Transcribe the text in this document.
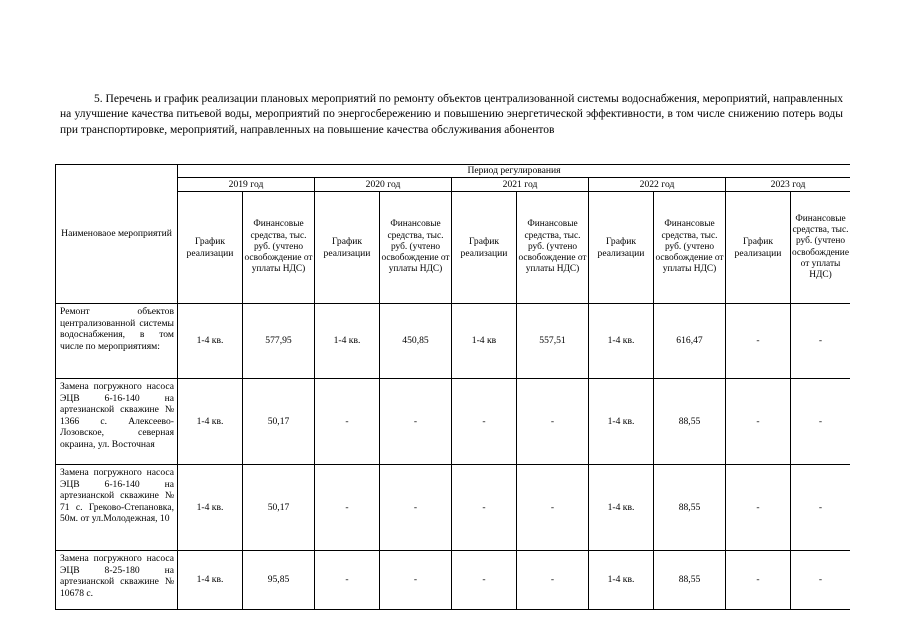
5. Перечень и график реализации плановых мероприятий по ремонту объектов централизованной системы водоснабжения, мероприятий, направленных на улучшение качества питьевой воды, мероприятий по энергосбережению и повышению энергетической эффективности, в том числе снижению потерь воды при транспортировке, мероприятий, направленных на повышение качества обслуживания абонентов

Наименоваое мероприятий	Период регулирования									
	2019 год		2020 год		2021 год		2022 год		2023 год	
	График реализации	Финансовые средства, тыс. руб. (учтено освобождение от уплаты НДС)	График реализации	Финансовые средства, тыс. руб. (учтено освобождение от уплаты НДС)	График реализации	Финансовые средства, тыс. руб. (учтено освобождение от уплаты НДС)	График реализации	Финансовые средства, тыс. руб. (учтено освобождение от уплаты НДС)	График реализации	Финансовые средства, тыс. руб. (учтено освобождение от уплаты НДС)
Ремонт объектов централизованной системы водоснабжения, в том числе по мероприятиям:	1-4 кв.	577,95	1-4 кв.	450,85	1-4 кв	557,51	1-4 кв.	616,47	-	-
Замена погружного насоса ЭЦВ 6-16-140 на артезианской скважине № 1366 с. Алексеево-Лозовское, северная окраина, ул. Восточная	1-4 кв.	50,17	-	-	-	-	1-4 кв.	88,55	-	-
Замена погружного насоса ЭЦВ 6-16-140 на артезианской скважине № 71 с. Греково-Степановка, 50м. от ул.Молодежная, 10	1-4 кв.	50,17	-	-	-	-	1-4 кв.	88,55	-	-
Замена погружного насоса ЭЦВ 8-25-180 на артезианской скважине № 10678 с.	1-4 кв.	95,85	-	-	-	-	1-4 кв.	88,55	-	-
